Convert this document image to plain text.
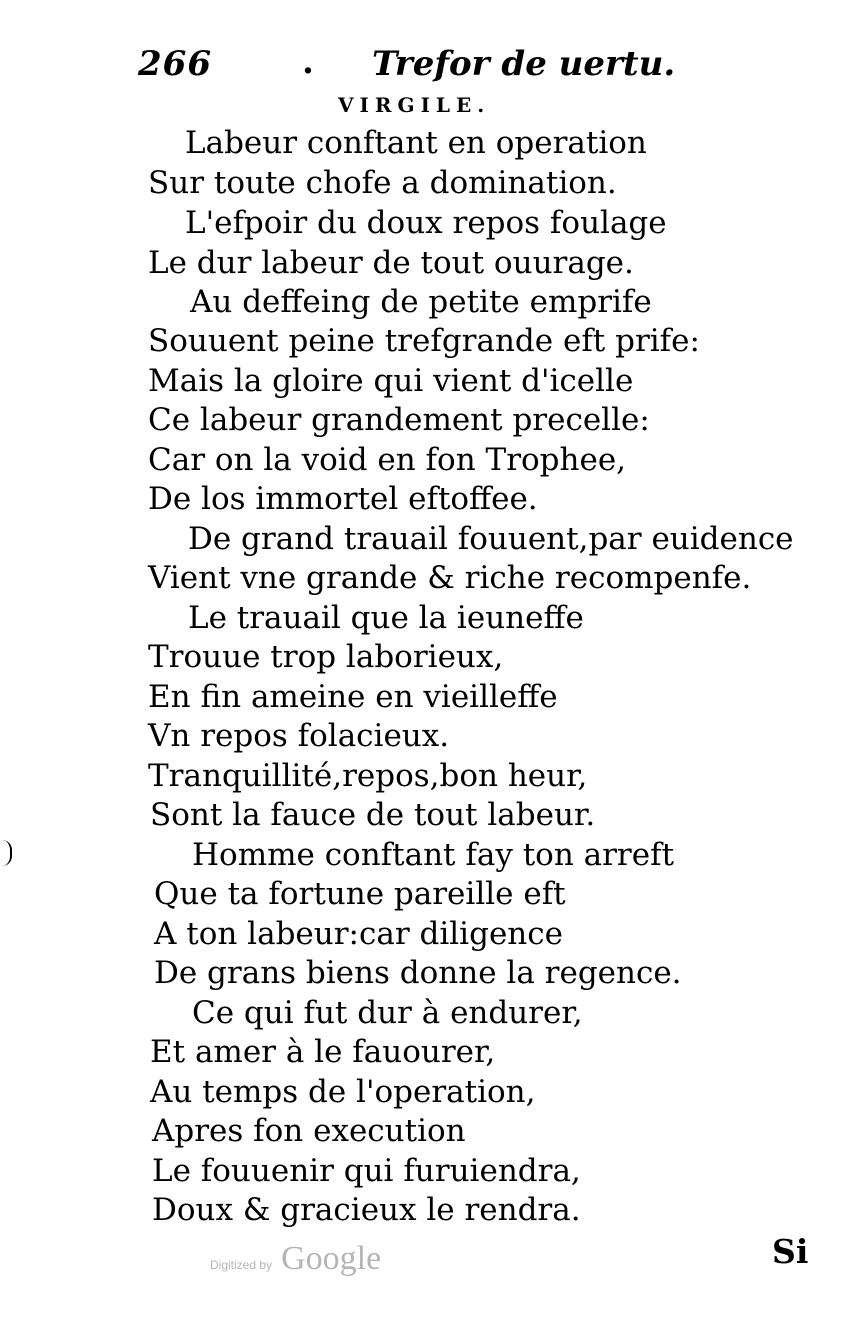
266	. Trefor de uertu.
VIRGILE.
Labeur conftant en operation
Sur toute chofe a domination.
L'efpoir du doux repos foulage
Le dur labeur de tout ouurage.
Au deffeing de petite emprife
Souuent peine trefgrande eft prife:
Mais la gloire qui vient d'icelle
Ce labeur grandement precelle:
Car on la void en fon Trophee,
De los immortel eftoffee.
De grand trauail fouuent,par euidence
Vient vne grande & riche recompenfe.
Le trauail que la ieuneffe
Trouue trop laborieux,
En fin ameine en vieilleffe
Vn repos folacieux.
Tranquillité,repos,bon heur,
Sont la fauce de tout labeur.
Homme conftant fay ton arreft
Que ta fortune pareille eft
A ton labeur:car diligence
De grans biens donne la regence.
Ce qui fut dur à endurer,
Et amer à le fauourer,
Au temps de l'operation,
Apres fon execution
Le fouuenir qui furuiendra,
Doux & gracieux le rendra.
Digitized by Google	Si
